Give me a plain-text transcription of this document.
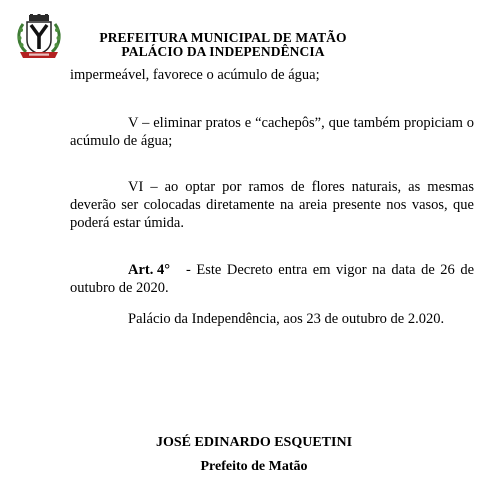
PREFEITURA MUNICIPAL DE MATÃO
PALÁCIO DA INDEPENDÊNCIA
impermeável, favorece o acúmulo de água;
V – eliminar pratos e “cachepôs”, que também propiciam o
acúmulo de água;
VI – ao optar por ramos de flores naturais, as mesmas
deverão ser colocadas diretamente na areia presente nos vasos, que
poderá estar úmida.
Art. 4° - Este Decreto entra em vigor na data de 26 de
outubro de 2020.
Palácio da Independência, aos 23 de outubro de 2.020.
JOSÉ EDINARDO ESQUETINI
Prefeito de Matão
